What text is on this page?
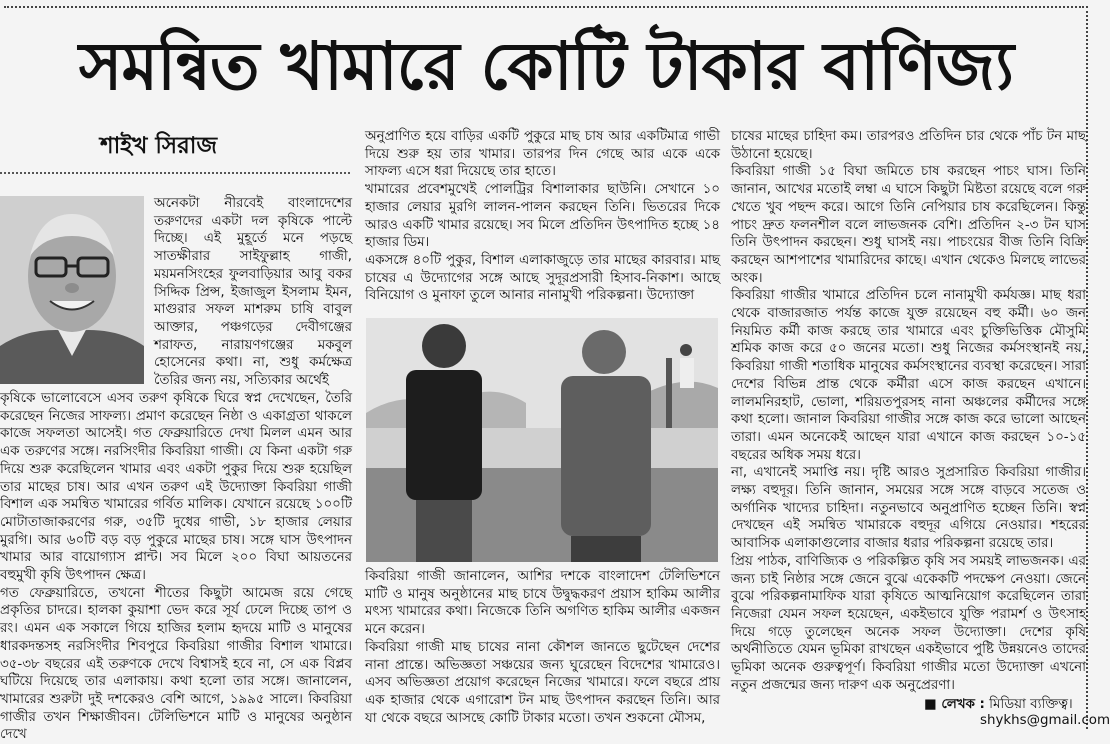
সমন্বিত খামারে কোটি টাকার বাণিজ্য
শাইখ সিরাজ

অনেকটা নীরবেই বাংলাদেশের তরুণদের একটা দল কৃষিকে পাল্টে দিচ্ছে। এই মুহূর্তে মনে পড়ছে সাতক্ষীরার সাইফুল্লাহ গাজী, ময়মনসিংহের ফুলবাড়িয়ার আবু বকর সিদ্দিক প্রিন্স, ইজাজুল ইসলাম ইমন, মাগুরার সফল মাশরুম চাষি বাবুল আক্তার, পঞ্চগড়ের দেবীগঞ্জের শরাফত, নারায়ণগঞ্জের মকবুল হোসেনের কথা। না, শুধু কর্মক্ষেত্র তৈরির জন্য নয়, সত্যিকার অর্থেই

কৃষিকে ভালোবেসে এসব তরুণ কৃষিকে ঘিরে স্বপ্ন দেখেছেন, তৈরি করেছেন নিজের সাফল্য। প্রমাণ করেছেন নিষ্ঠা ও একাগ্রতা থাকলে কাজে সফলতা আসেই। গত ফেব্রুয়ারিতে দেখা মিলল এমন আর এক তরুণের সঙ্গে। নরসিংদীর কিবরিয়া গাজী। যে কিনা একটা গরু দিয়ে শুরু করেছিলেন খামার এবং একটা পুকুর দিয়ে শুরু হয়েছিল তার মাছের চাষ। আর এখন তরুণ এই উদ্যোক্তা কিবরিয়া গাজী বিশাল এক সমন্বিত খামারের গর্বিত মালিক। যেখানে রয়েছে ১০০টি মোটাতাজাকরণের গরু, ৩৫টি দুধের গাভী, ১৮ হাজার লেয়ার মুরগি। আর ৬০টি বড় বড় পুকুরে মাছের চাষ। সঙ্গে ঘাস উৎপাদন খামার আর বায়োগ্যাস প্লান্ট। সব মিলে ২০০ বিঘা আয়তনের বহুমুখী কৃষি উৎপাদন ক্ষেত্র।

গত ফেব্রুয়ারিতে, তখনো শীতের কিছুটা আমেজ রয়ে গেছে প্রকৃতির চাদরে। হালকা কুয়াশা ভেদ করে সূর্য ঢেলে দিচ্ছে তাপ ও রং। এমন এক সকালে গিয়ে হাজির হলাম হৃদয়ে মাটি ও মানুষের ধারকদন্তসহ নরসিংদীর শিবপুরে কিবরিয়া গাজীর বিশাল খামারে। ৩৫-৩৮ বছরের এই তরুণকে দেখে বিশ্বাসই হবে না, সে এক বিপ্লব ঘটিয়ে দিয়েছে তার এলাকায়। কথা হলো তার সঙ্গে। জানালেন, খামারের শুরুটা দুই দশকেরও বেশি আগে, ১৯৯৫ সালে। কিবরিয়া গাজীর তখন শিক্ষাজীবন। টেলিভিশনে মাটি ও মানুষের অনুষ্ঠান দেখে

অনুপ্রাণিত হয়ে বাড়ির একটি পুকুরে মাছ চাষ আর একটিমাত্র গাভী দিয়ে শুরু হয় তার খামার। তারপর দিন গেছে আর একে একে সাফল্য এসে ধরা দিয়েছে তার হাতে।

খামারের প্রবেশমুখেই পোলট্রির বিশালাকার ছাউনি। সেখানে ১০ হাজার লেয়ার মুরগি লালন-পালন করছেন তিনি। ভিতরের দিকে আরও একটি খামার রয়েছে। সব মিলে প্রতিদিন উৎপাদিত হচ্ছে ১৪ হাজার ডিম।

একসঙ্গে ৪০টি পুকুর, বিশাল এলাকাজুড়ে তার মাছের কারবার। মাছ চাষের এ উদ্যোগের সঙ্গে আছে সুদূরপ্রসারী হিসাব-নিকাশ। আছে বিনিয়োগ ও মুনাফা তুলে আনার নানামুখী পরিকল্পনা। উদ্যোক্তা

কিবরিয়া গাজী জানালেন, আশির দশকে বাংলাদেশ টেলিভিশনে মাটি ও মানুষ অনুষ্ঠানের মাছ চাষে উদ্বুদ্ধকরণ প্রয়াস হাকিম আলীর মৎস্য খামারের কথা। নিজেকে তিনি অগণিত হাকিম আলীর একজন মনে করেন।

কিবরিয়া গাজী মাছ চাষের নানা কৌশল জানতে ছুটেছেন দেশের নানা প্রান্তে। অভিজ্ঞতা সঞ্চয়ের জন্য ঘুরেছেন বিদেশের খামারেও। এসব অভিজ্ঞতা প্রয়োগ করেছেন নিজের খামারে। ফলে বছরে প্রায় এক হাজার থেকে এগারোশ টন মাছ উৎপাদন করছেন তিনি। আর যা থেকে বছরে আসছে কোটি টাকার মতো। তখন শুকনো মৌসম,

চাষের মাছের চাহিদা কম। তারপরও প্রতিদিন চার থেকে পাঁচ টন মাছ উঠানো হয়েছে।

কিবরিয়া গাজী ১৫ বিঘা জমিতে চাষ করছেন পাচং ঘাস। তিনি জানান, আখের মতোই লম্বা এ ঘাসে কিছুটা মিষ্টতা রয়েছে বলে গরু খেতে খুব পছন্দ করে। আগে তিনি নেপিয়ার চাষ করেছিলেন। কিন্তু পাচং দ্রুত ফলনশীল বলে লাভজনক বেশি। প্রতিদিন ২-৩ টন ঘাস তিনি উৎপাদন করছেন। শুধু ঘাসই নয়। পাচংয়ের বীজ তিনি বিক্রি করছেন আশপাশের খামারিদের কাছে। এখান থেকেও মিলছে লাভের অংক।

কিবরিয়া গাজীর খামারে প্রতিদিন চলে নানামুখী কর্মযজ্ঞ। মাছ ধরা থেকে বাজারজাত পর্যন্ত কাজে যুক্ত রয়েছেন বহু কর্মী। ৬০ জন নিয়মিত কর্মী কাজ করছে তার খামারে এবং চুক্তিভিত্তিক মৌসুমি শ্রমিক কাজ করে ৫০ জনের মতো। শুধু নিজের কর্মসংস্থানই নয়, কিবরিয়া গাজী শতাধিক মানুষের কর্মসংস্থানের ব্যবস্থা করেছেন। সারা দেশের বিভিন্ন প্রান্ত থেকে কর্মীরা এসে কাজ করছেন এখানে। লালমনিরহাট, ভোলা, শরিয়তপুরসহ নানা অঞ্চলের কর্মীদের সঙ্গে কথা হলো। জানাল কিবরিয়া গাজীর সঙ্গে কাজ করে ভালো আছেন তারা। এমন অনেকেই আছেন যারা এখানে কাজ করছেন ১০-১৫ বছরের অধিক সময় ধরে।

না, এখানেই সমাপ্তি নয়। দৃষ্টি আরও সুপ্রসারিত কিবরিয়া গাজীর। লক্ষ্য বহুদূর। তিনি জানান, সময়ের সঙ্গে সঙ্গে বাড়বে সতেজ ও অর্গানিক খাদ্যের চাহিদা। নতুনভাবে অনুপ্রাণিত হচ্ছেন তিনি। স্বপ্ন দেখছেন এই সমন্বিত খামারকে বহুদূর এগিয়ে নেওয়ার। শহরের আবাসিক এলাকাগুলোর বাজার ধরার পরিকল্পনা রয়েছে তার।

প্রিয় পাঠক, বাণিজ্যিক ও পরিকল্পিত কৃষি সব সময়ই লাভজনক। এর জন্য চাই নিষ্ঠার সঙ্গে জেনে বুঝে একেকটি পদক্ষেপ নেওয়া। জেনে বুঝে পরিকল্পনামাফিক যারা কৃষিতে আত্মনিয়োগ করেছিলেন তারা নিজেরা যেমন সফল হয়েছেন, একইভাবে যুক্তি পরামর্শ ও উৎসাহ দিয়ে গড়ে তুলেছেন অনেক সফল উদ্যোক্তা। দেশের কৃষি অর্থনীতিতে যেমন ভূমিকা রাখছেন একইভাবে পুষ্টি উন্নয়নেও তাদের ভূমিকা অনেক গুরুত্বপূর্ণ। কিবরিয়া গাজীর মতো উদ্যোক্তা এখনো নতুন প্রজন্মের জন্য দারুণ এক অনুপ্রেরণা।

■ লেখক : মিডিয়া ব্যক্তিত্ব।
shykhs@gmail.com
